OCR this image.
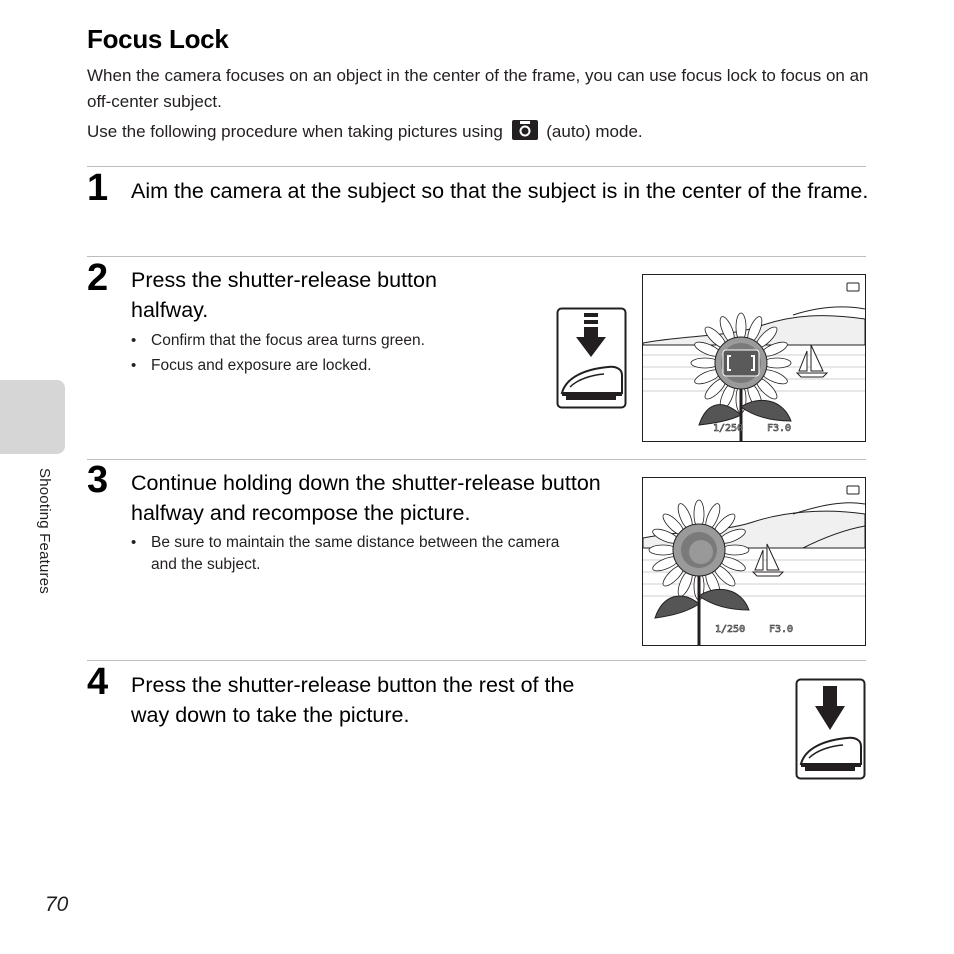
Focus Lock

When the camera focuses on an object in the center of the frame, you can use focus lock to focus on an off-center subject.

Use the following procedure when taking pictures using	(auto) mode.
1 Aim the camera at the subject so that the subject is in the center of the frame.
2 Press the shutter-release button halfway.
• Confirm that the focus area turns green.
• Focus and exposure are locked.
1/250 F3.0
3 Continue holding down the shutter-release button halfway and recompose the picture.
• Be sure to maintain the same distance between the camera and the subject.
1/250 F3.0
4 Press the shutter-release button the rest of the way down to take the picture.
Shooting Features
70
